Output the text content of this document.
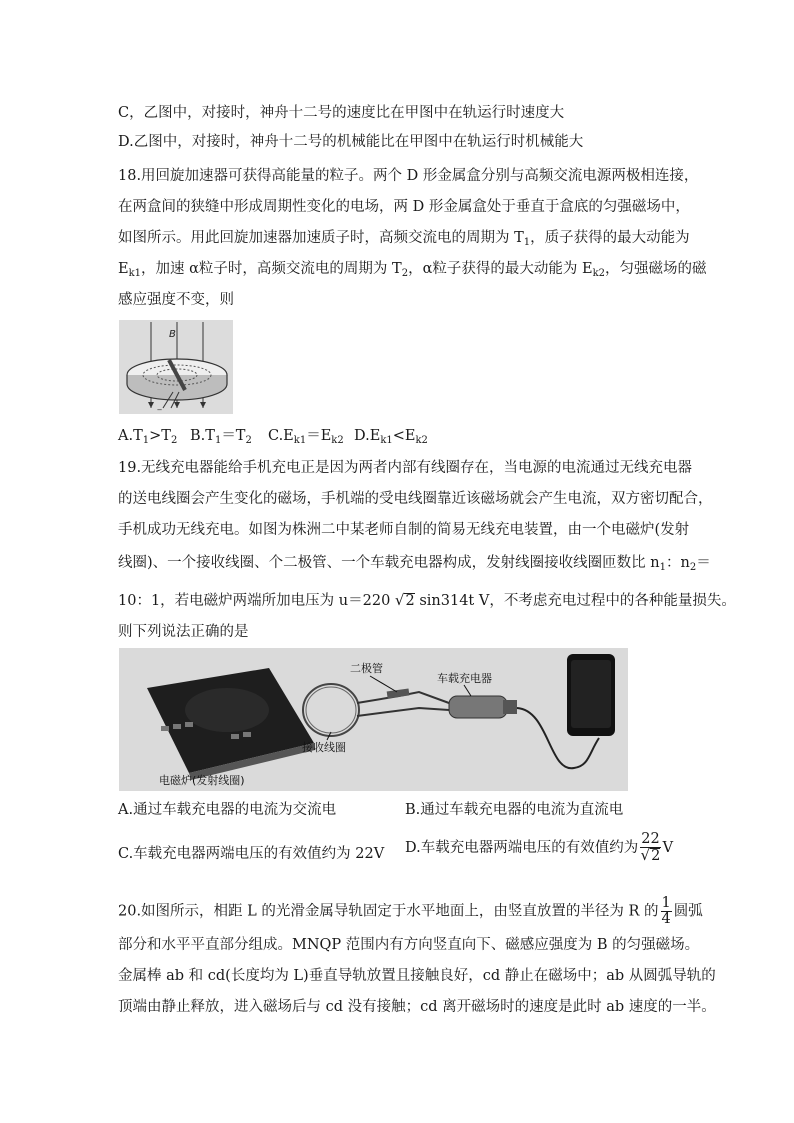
C，乙图中，对接时，神舟十二号的速度比在甲图中在轨运行时速度大
D.乙图中，对接时，神舟十二号的机械能比在甲图中在轨运行时机械能大
18.用回旋加速器可获得高能量的粒子。两个 D 形金属盒分别与高频交流电源两极相连接，
在两盒间的狭缝中形成周期性变化的电场，两 D 形金属盒处于垂直于盒底的匀强磁场中，
如图所示。用此回旋加速器加速质子时，高频交流电的周期为 $T_1$，质子获得的最大动能为
$E_{k1}$，加速 α粒子时，高频交流电的周期为 $T_2$，α粒子获得的最大动能为 $E_{k2}$，匀强磁场的磁
感应强度不变，则
B
‒
$A.T_1>T_2$ $B.T_1=T_2$ $C.E_{k1}=E_{k2}$ $D.E_{k1}<E_{k2}$
19.无线充电器能给手机充电正是因为两者内部有线圈存在，当电源的电流通过无线充电器
的送电线圈会产生变化的磁场，手机端的受电线圈靠近该磁场就会产生电流，双方密切配合，
手机成功无线充电。如图为株洲二中某老师自制的简易无线充电装置，由一个电磁炉(发射
线圈)、一个接收线圈、个二极管、一个车载充电器构成，发射线圈接收线圈匝数比 $n_1$：$n_2=$
10：1，若电磁炉两端所加电压为 u＝220 √2 sin314t V，不考虑充电过程中的各种能量损失。
则下列说法正确的是
二极管
车载充电器
接收线圈
电磁炉(发射线圈)
A.通过车载充电器的电流为交流电	B.通过车载充电器的电流为直流电
C.车载充电器两端电压的有效值约为 22V D.车载充电器两端电压的有效值约为 $\frac{22}{√2}$ V
20.如图所示，相距 L 的光滑金属导轨固定于水平地面上，由竖直放置的半径为 R 的 $\frac{1}{4}$ 圆弧
部分和水平平直部分组成。MNQP 范围内有方向竖直向下、磁感应强度为 B 的匀强磁场。
金属棒 ab 和 cd(长度均为 L)垂直导轨放置且接触良好，cd 静止在磁场中；ab 从圆弧导轨的
顶端由静止释放，进入磁场后与 cd 没有接触；cd 离开磁场时的速度是此时 ab 速度的一半。
